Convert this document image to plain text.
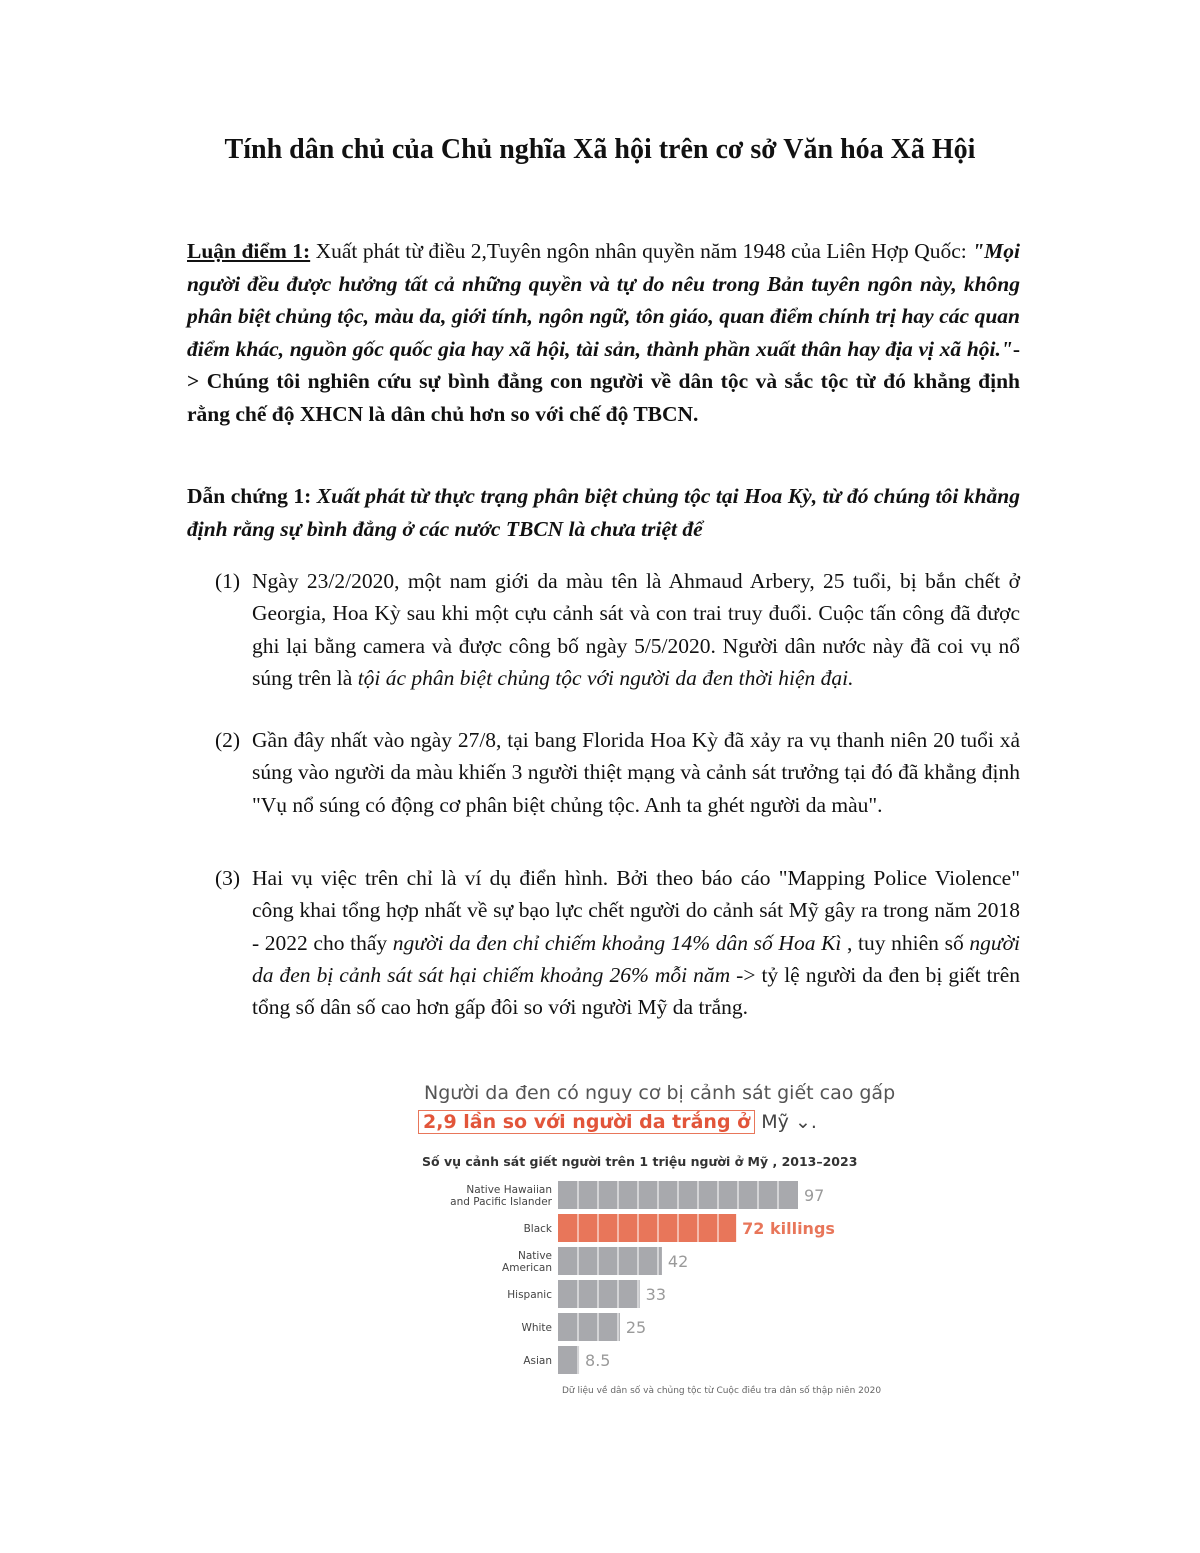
Tính dân chủ của Chủ nghĩa Xã hội trên cơ sở Văn hóa Xã Hội
Luận điểm 1: Xuất phát từ điều 2,Tuyên ngôn nhân quyền năm 1948 của Liên Hợp Quốc: "Mọi người đều được hưởng tất cả những quyền và tự do nêu trong Bản tuyên ngôn này, không phân biệt chủng tộc, màu da, giới tính, ngôn ngữ, tôn giáo, quan điểm chính trị hay các quan điểm khác, nguồn gốc quốc gia hay xã hội, tài sản, thành phần xuất thân hay địa vị xã hội."-> Chúng tôi nghiên cứu sự bình đẳng con người về dân tộc và sắc tộc từ đó khẳng định rằng chế độ XHCN là dân chủ hơn so với chế độ TBCN.
Dẫn chứng 1: Xuất phát từ thực trạng phân biệt chủng tộc tại Hoa Kỳ, từ đó chúng tôi khẳng định rằng sự bình đẳng ở các nước TBCN là chưa triệt để
(1) Ngày 23/2/2020, một nam giới da màu tên là Ahmaud Arbery, 25 tuổi, bị bắn chết ở Georgia, Hoa Kỳ sau khi một cựu cảnh sát và con trai truy đuổi. Cuộc tấn công đã được ghi lại bằng camera và được công bố ngày 5/5/2020. Người dân nước này đã coi vụ nổ súng trên là tội ác phân biệt chủng tộc với người da đen thời hiện đại.
(2) Gần đây nhất vào ngày 27/8, tại bang Florida Hoa Kỳ đã xảy ra vụ thanh niên 20 tuổi xả súng vào người da màu khiến 3 người thiệt mạng và cảnh sát trưởng tại đó đã khẳng định "Vụ nổ súng có động cơ phân biệt chủng tộc. Anh ta ghét người da màu".
(3) Hai vụ việc trên chỉ là ví dụ điển hình. Bởi theo báo cáo "Mapping Police Violence" công khai tổng hợp nhất về sự bạo lực chết người do cảnh sát Mỹ gây ra trong năm 2018 - 2022 cho thấy người da đen chỉ chiếm khoảng 14% dân số Hoa Kì , tuy nhiên số người da đen bị cảnh sát sát hại chiếm khoảng 26% mỗi năm -> tỷ lệ người da đen bị giết trên tổng số dân số cao hơn gấp đôi so với người Mỹ da trắng.
Người da đen có nguy cơ bị cảnh sát giết cao gấp
2,9 lần so với người da trắng ở Mỹ ⌄.
Số vụ cảnh sát giết người trên 1 triệu người ở Mỹ , 2013–2023
Native Hawaiian and Pacific Islander	97
Black	72 killings
Native American	42
Hispanic	33
White	25
Asian 8.5
Dữ liệu về dân số và chủng tộc từ Cuộc điều tra dân số thập niên 2020
